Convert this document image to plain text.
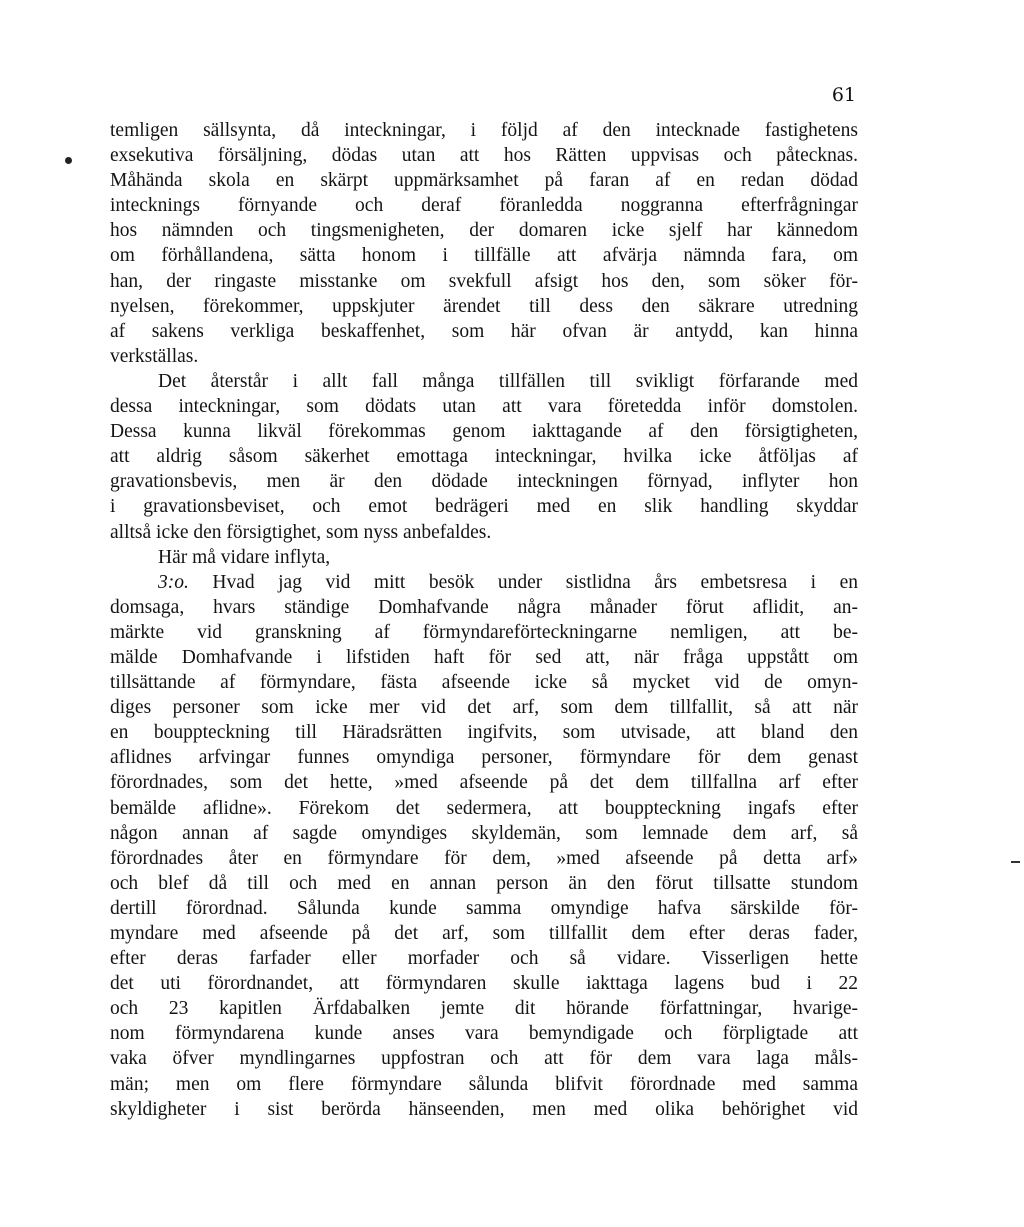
61
temligen sällsynta, då inteckningar, i följd af den intecknade fastighetens
exsekutiva försäljning, dödas utan att hos Rätten uppvisas och påtecknas.
Måhända skola en skärpt uppmärksamhet på faran af en redan dödad
intecknings förnyande och deraf föranledda noggranna efterfrågningar
hos nämnden och tingsmenigheten, der domaren icke sjelf har kännedom
om förhållandena, sätta honom i tillfälle att afvärja nämnda fara, om
han, der ringaste misstanke om svekfull afsigt hos den, som söker för-
nyelsen, förekommer, uppskjuter ärendet till dess den säkrare utredning
af sakens verkliga beskaffenhet, som här ofvan är antydd, kan hinna
verkställas.
Det återstår i allt fall många tillfällen till svikligt förfarande med
dessa inteckningar, som dödats utan att vara företedda inför domstolen.
Dessa kunna likväl förekommas genom iakttagande af den försigtigheten,
att aldrig såsom säkerhet emottaga inteckningar, hvilka icke åtföljas af
gravationsbevis, men är den dödade inteckningen förnyad, inflyter hon
i gravationsbeviset, och emot bedrägeri med en slik handling skyddar
alltså icke den försigtighet, som nyss anbefaldes.
Här må vidare inflyta,
3:o. Hvad jag vid mitt besök under sistlidna års embetsresa i en
domsaga, hvars ständige Domhafvande några månader förut aflidit, an-
märkte vid granskning af förmyndareförteckningarne nemligen, att be-
mälde Domhafvande i lifstiden haft för sed att, när fråga uppstått om
tillsättande af förmyndare, fästa afseende icke så mycket vid de omyn-
diges personer som icke mer vid det arf, som dem tillfallit, så att när
en bouppteckning till Häradsrätten ingifvits, som utvisade, att bland den
aflidnes arfvingar funnes omyndiga personer, förmyndare för dem genast
förordnades, som det hette, »med afseende på det dem tillfallna arf efter
bemälde aflidne». Förekom det sedermera, att bouppteckning ingafs efter
någon annan af sagde omyndiges skyldemän, som lemnade dem arf, så
förordnades åter en förmyndare för dem, »med afseende på detta arf»
och blef då till och med en annan person än den förut tillsatte stundom
dertill förordnad. Sålunda kunde samma omyndige hafva särskilde för-
myndare med afseende på det arf, som tillfallit dem efter deras fader,
efter deras farfader eller morfader och så vidare. Visserligen hette
det uti förordnandet, att förmyndaren skulle iakttaga lagens bud i 22
och 23 kapitlen Ärfdabalken jemte dit hörande författningar, hvarige-
nom förmyndarena kunde anses vara bemyndigade och förpligtade att
vaka öfver myndlingarnes uppfostran och att för dem vara laga måls-
män; men om flere förmyndare sålunda blifvit förordnade med samma
skyldigheter i sist berörda hänseenden, men med olika behörighet vid
